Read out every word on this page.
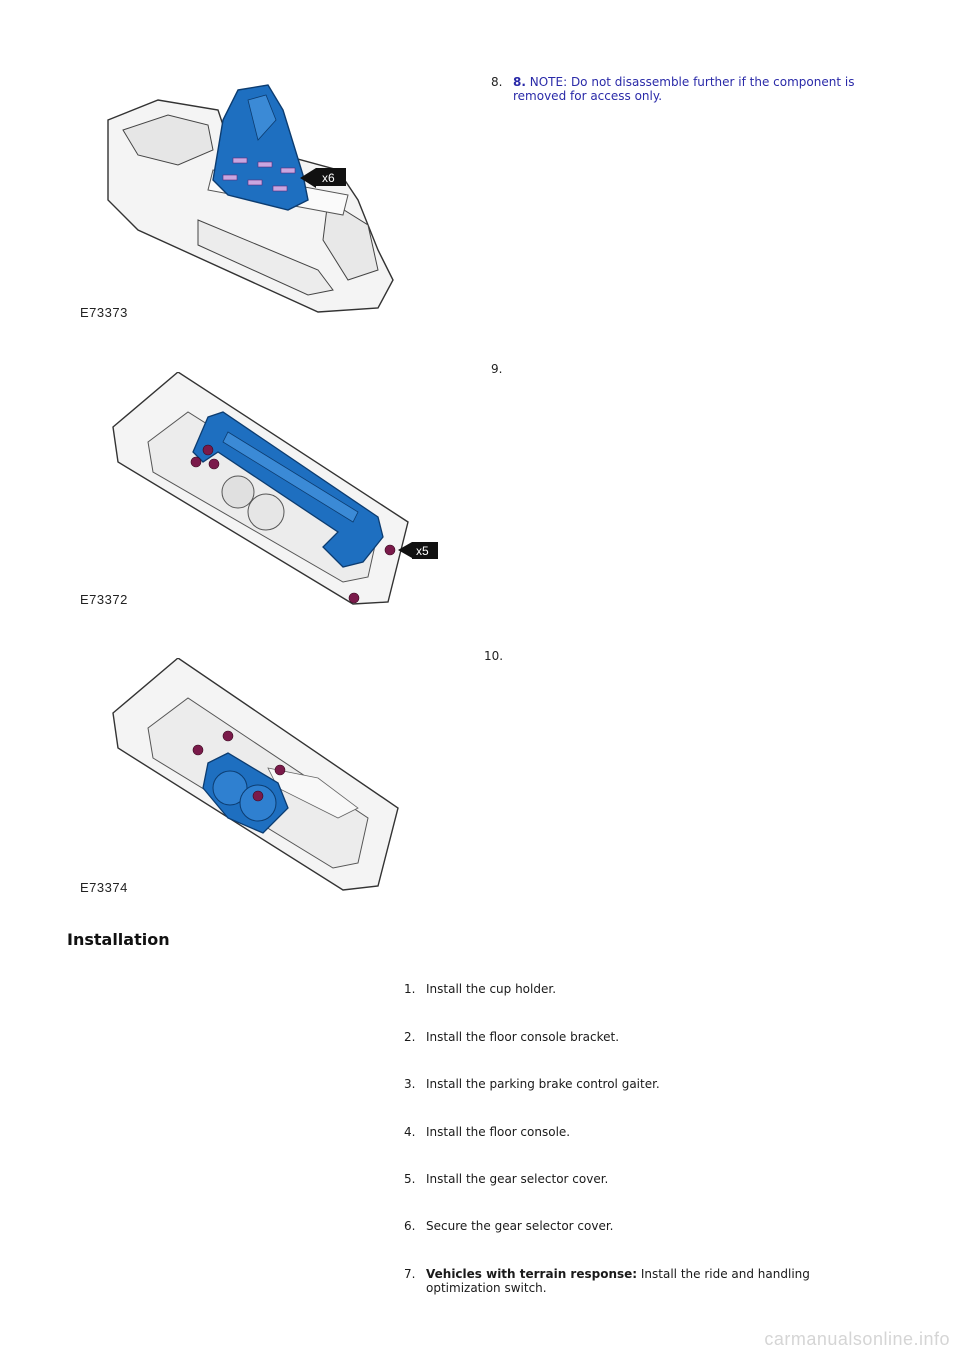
x6
E73373
8. 8. NOTE: Do not disassemble further if the component is removed for access only.
x5
E73372
9.
E73374
10.
Installation
1. Install the cup holder.
2. Install the floor console bracket.
3. Install the parking brake control gaiter.
4. Install the floor console.
5. Install the gear selector cover.
6. Secure the gear selector cover.
7. Vehicles with terrain response: Install the ride and handling optimization switch.
carmanualsonline.info
